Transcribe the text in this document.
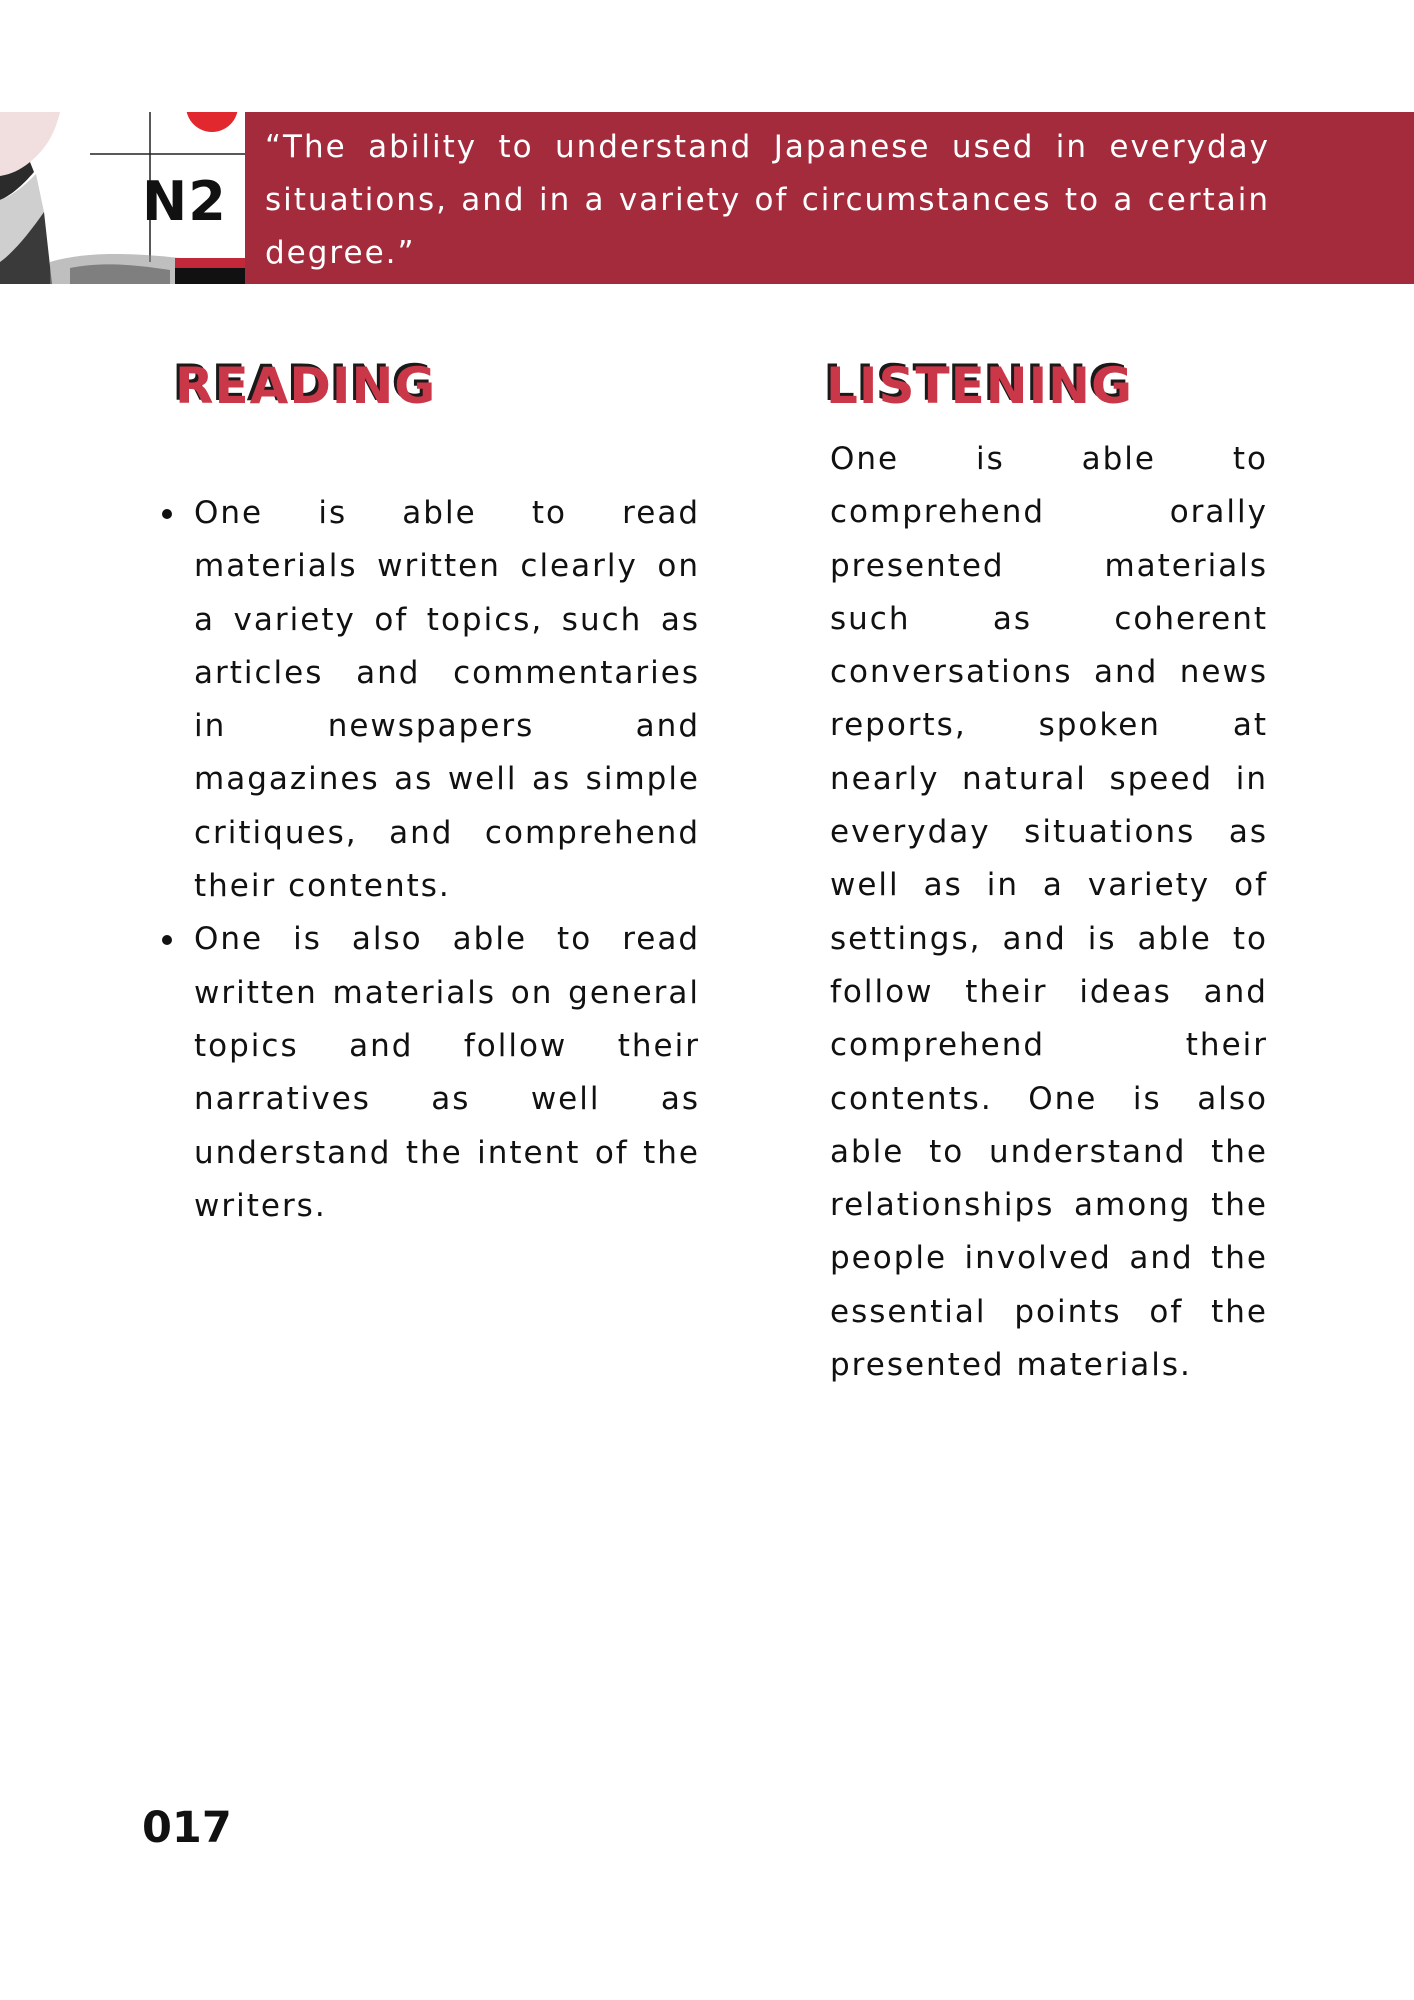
N2

“The ability to understand Japanese used in everyday situations, and in a variety of circumstances to a certain degree.”

READING
One is able to read materials written clearly on a variety of topics, such as articles and commentaries in newspapers and magazines as well as simple critiques, and comprehend their contents.
One is also able to read written materials on general topics and follow their narratives as well as understand the intent of the writers.
LISTENING

One is able to comprehend orally presented materials such as coherent conversations and news reports, spoken at nearly natural speed in everyday situations as well as in a variety of settings, and is able to follow their ideas and comprehend their contents. One is also able to understand the relationships among the people involved and the essential points of the presented materials.

017
